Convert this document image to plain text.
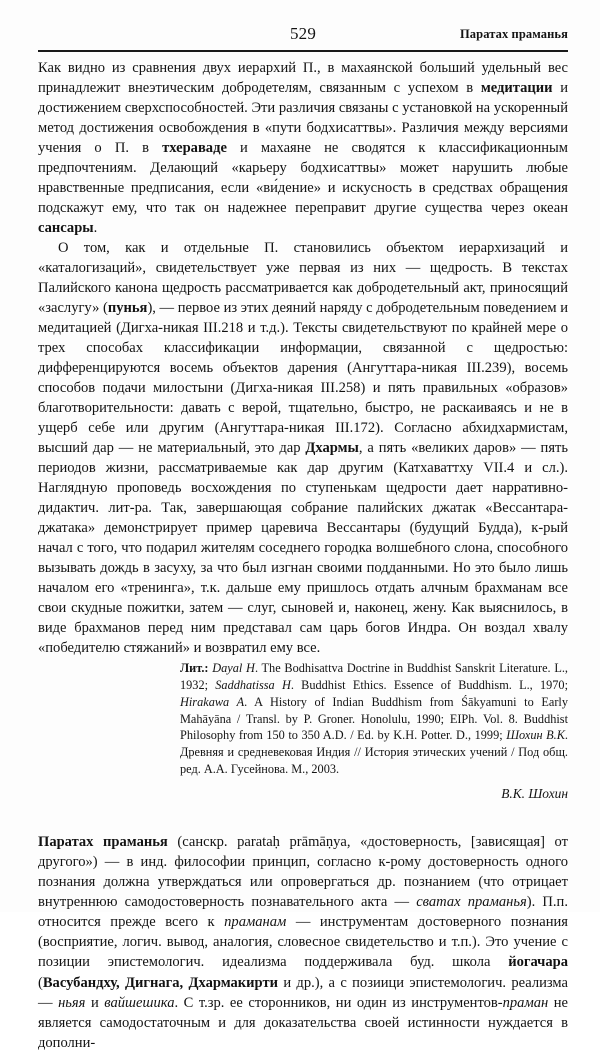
529	Паратах праманья

Как видно из сравнения двух иерархий П., в махаянской больший удельный вес принадлежит внеэтическим добродетелям, связанным с успехом в медитации и достижением сверхспособностей. Эти различия связаны с установкой на ускоренный метод достижения освобождения в «пути бодхисаттвы». Различия между версиями учения о П. в тхераваде и махаяне не сводятся к классификационным предпочтениям. Делающий «карьеру бодхисаттвы» может нарушить любые нравственные предписания, если «ви́дение» и искусность в средствах обращения подскажут ему, что так он надежнее переправит другие существа через океан сансары.

О том, как и отдельные П. становились объектом иерархизаций и «каталогизаций», свидетельствует уже первая из них — щедрость. В текстах Палийского канона щедрость рассматривается как добродетельный акт, приносящий «заслугу» (пунья), — первое из этих деяний наряду с добродетельным поведением и медитацией (Дигха-никая III.218 и т.д.). Тексты свидетельствуют по крайней мере о трех способах классификации информации, связанной с щедростью: дифференцируются восемь объектов дарения (Ангуттара-никая III.239), восемь способов подачи милостыни (Дигха-никая III.258) и пять правильных «образов» благотворительности: давать с верой, тщательно, быстро, не раскаиваясь и не в ущерб себе или другим (Ангуттара-никая III.172). Согласно абхидхармистам, высший дар — не материальный, это дар Дхармы, а пять «великих даров» — пять периодов жизни, рассматриваемые как дар другим (Катхаваттху VII.4 и сл.). Наглядную проповедь восхождения по ступенькам щедрости дает нарративно-дидактич. лит-ра. Так, завершающая собрание палийских джатак «Вессантара-джатака» демонстрирует пример царевича Вессантары (будущий Будда), к-рый начал с того, что подарил жителям соседнего городка волшебного слона, способного вызывать дождь в засуху, за что был изгнан своими подданными. Но это было лишь началом его «тренинга», т.к. дальше ему пришлось отдать алчным брахманам все свои скудные пожитки, затем — слуг, сыновей и, наконец, жену. Как выяснилось, в виде брахманов перед ним представал сам царь богов Индра. Он воздал хвалу «победителю стяжаний» и возвратил ему все.

Лит.: Dayal H. The Bodhisattva Doctrine in Buddhist Sanskrit Literature. L., 1932; Saddhatissa H. Buddhist Ethics. Essence of Buddhism. L., 1970; Hirakawa A. A History of Indian Buddhism from Śākyamuni to Early Mahāyāna / Transl. by P. Groner. Honolulu, 1990; EIPh. Vol. 8. Buddhist Philosophy from 150 to 350 A.D. / Ed. by K.H. Potter. D., 1999; Шохин В.К. Древняя и средневековая Индия // История этических учений / Под общ. ред. А.А. Гусейнова. М., 2003.
В.К. Шохин

Паратах праманья (санскр. parataḥ prāmāṇya, «достоверность, [зависящая] от другого») — в инд. философии принцип, согласно к-рому достоверность одного познания должна утверждаться или опровергаться др. познанием (что отрицает внутреннюю самодостоверность познавательного акта — сватах праманья). П.п. относится прежде всего к праманам — инструментам достоверного познания (восприятие, логич. вывод, аналогия, словесное свидетельство и т.п.). Это учение с позиции эпистемологич. идеализма поддерживала буд. школа йогачара (Васубандху, Дигнага, Дхармакирти и др.), а с позиици эпистемологич. реализма — ньяя и вайшешика. С т.зр. ее сторонников, ни один из инструментов-праман не является самодостаточным и для доказательства своей истинности нуждается в дополни-
